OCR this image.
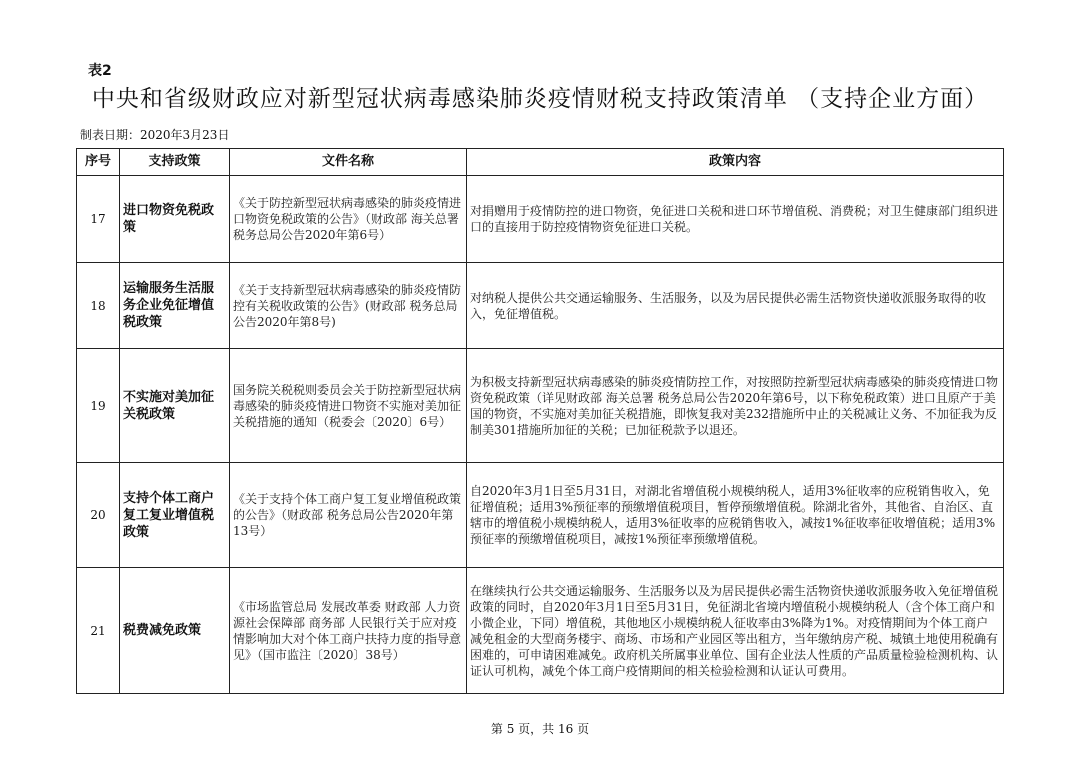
表2
中央和省级财政应对新型冠状病毒感染肺炎疫情财税支持政策清单 （支持企业方面）
制表日期：2020年3月23日
序号	支持政策	文件名称	政策内容
17	进口物资免税政策	《关于防控新型冠状病毒感染的肺炎疫情进口物资免税政策的公告》（财政部 海关总署 税务总局公告2020年第6号）	对捐赠用于疫情防控的进口物资，免征进口关税和进口环节增值税、消费税；对卫生健康部门组织进口的直接用于防控疫情物资免征进口关税。
18	运输服务生活服务企业免征增值税政策	《关于支持新型冠状病毒感染的肺炎疫情防控有关税收政策的公告》(财政部 税务总局公告2020年第8号)	对纳税人提供公共交通运输服务、生活服务，以及为居民提供必需生活物资快递收派服务取得的收入，免征增值税。
19	不实施对美加征关税政策	国务院关税税则委员会关于防控新型冠状病毒感染的肺炎疫情进口物资不实施对美加征关税措施的通知（税委会〔2020〕6号）	为积极支持新型冠状病毒感染的肺炎疫情防控工作，对按照防控新型冠状病毒感染的肺炎疫情进口物资免税政策（详见财政部 海关总署 税务总局公告2020年第6号，以下称免税政策）进口且原产于美国的物资，不实施对美加征关税措施，即恢复我对美232措施所中止的关税减让义务、不加征我为反制美301措施所加征的关税；已加征税款予以退还。
20	支持个体工商户复工复业增值税政策	《关于支持个体工商户复工复业增值税政策的公告》（财政部 税务总局公告2020年第13号）	自2020年3月1日至5月31日，对湖北省增值税小规模纳税人，适用3%征收率的应税销售收入，免征增值税；适用3%预征率的预缴增值税项目，暂停预缴增值税。除湖北省外，其他省、自治区、直辖市的增值税小规模纳税人，适用3%征收率的应税销售收入，减按1%征收率征收增值税；适用3%预征率的预缴增值税项目，减按1%预征率预缴增值税。
21	税费减免政策	《市场监管总局 发展改革委 财政部 人力资源社会保障部 商务部 人民银行关于应对疫情影响加大对个体工商户扶持力度的指导意见》（国市监注〔2020〕38号）	在继续执行公共交通运输服务、生活服务以及为居民提供必需生活物资快递收派服务收入免征增值税政策的同时，自2020年3月1日至5月31日，免征湖北省境内增值税小规模纳税人（含个体工商户和小微企业，下同）增值税，其他地区小规模纳税人征收率由3%降为1%。对疫情期间为个体工商户减免租金的大型商务楼宇、商场、市场和产业园区等出租方，当年缴纳房产税、城镇土地使用税确有困难的，可申请困难减免。政府机关所属事业单位、国有企业法人性质的产品质量检验检测机构、认证认可机构，减免个体工商户疫情期间的相关检验检测和认证认可费用。
第 5 页，共 16 页
